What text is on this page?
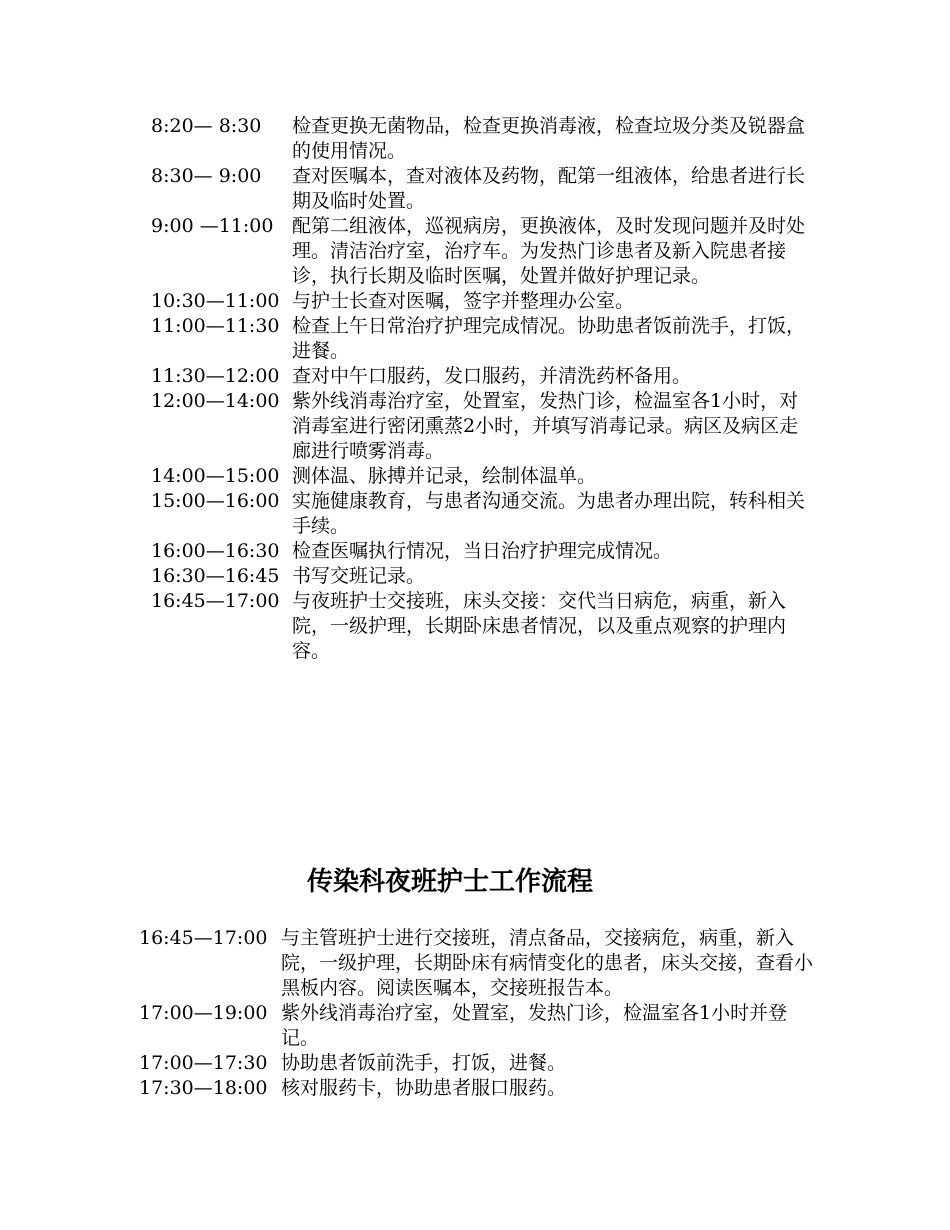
8:20— 8:30	检查更换无菌物品，检查更换消毒液，检查垃圾分类及锐器盒的使用情况。
8:30— 9:00	查对医嘱本，查对液体及药物，配第一组液体，给患者进行长期及临时处置。
9:00 —11:00 配第二组液体，巡视病房，更换液体，及时发现问题并及时处理。清洁治疗室，治疗车。为发热门诊患者及新入院患者接诊，执行长期及临时医嘱，处置并做好护理记录。
10:30—11:00 与护士长查对医嘱，签字并整理办公室。
11:00—11:30 检查上午日常治疗护理完成情况。协助患者饭前洗手，打饭，进餐。
11:30—12:00 查对中午口服药，发口服药，并清洗药杯备用。
12:00—14:00 紫外线消毒治疗室，处置室，发热门诊，检温室各1小时，对消毒室进行密闭熏蒸2小时，并填写消毒记录。病区及病区走廊进行喷雾消毒。
14:00—15:00 测体温、脉搏并记录，绘制体温单。
15:00—16:00 实施健康教育，与患者沟通交流。为患者办理出院，转科相关手续。
16:00—16:30 检查医嘱执行情况，当日治疗护理完成情况。
16:30—16:45 书写交班记录。
16:45—17:00 与夜班护士交接班，床头交接：交代当日病危，病重，新入院，一级护理，长期卧床患者情况，以及重点观察的护理内容。
传染科夜班护士工作流程
16:45—17:00 与主管班护士进行交接班，清点备品，交接病危，病重，新入院，一级护理，长期卧床有病情变化的患者，床头交接，查看小黑板内容。阅读医嘱本，交接班报告本。
17:00—19:00 紫外线消毒治疗室，处置室，发热门诊，检温室各1小时并登记。
17:00—17:30 协助患者饭前洗手，打饭，进餐。
17:30—18:00 核对服药卡，协助患者服口服药。
